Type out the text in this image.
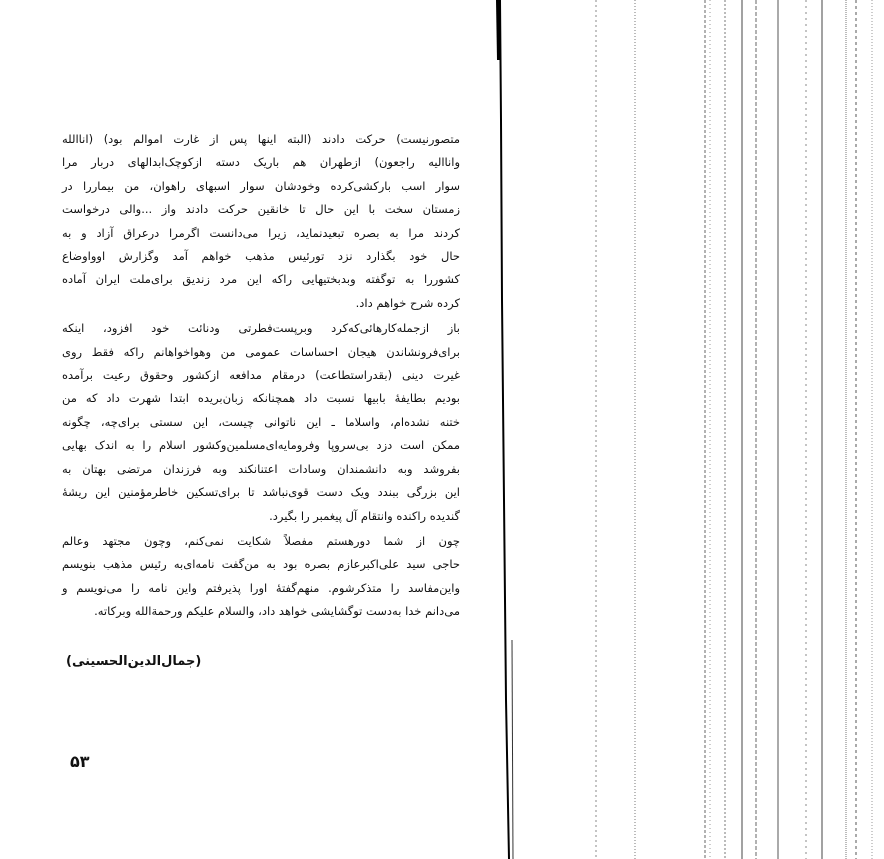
متصورنیست) حرکت دادند (البته اینها پس از غارت اموالم بود) (اناالله
وانااليه راجعون) ازطهران هم باریک دسته ازکوچک‌ابدالهای دربار مرا
سوار اسب بارکشی‌کرده وخودشان سوار اسبهای راهوان، من بیماررا در
زمستان سخت با این حال تا خانقین حرکت دادند واز ...والی درخواست
کردند مرا به بصره تبعیدنماید، زیرا می‌دانست اگرمرا درعراق آزاد و به
حال خود بگذارد نزد تورئیس مذهب خواهم آمد وگزارش اوواوضاع
کشوررا به توگفته وبدبختیهایی راکه این مرد زندیق برای‌ملت ایران آماده
کرده شرح خواهم داد.
باز ازجمله‌کارهائی‌که‌کرد وبرپست‌فطرتی ودنائت خود افزود، اینکه
برای‌فرونشاندن هیجان احساسات عمومی من وهواخواهانم راکه فقط روی
غیرت دینی (بقدراستطاعت) درمقام مدافعه ازکشور وحقوق رعیت برآمده
بودیم بطایفهٔ بابیها نسبت داد همچنانکه زبان‌بریده ابتدا شهرت داد که من
ختنه نشده‌ام، واسلاما ـ این ناتوانی چیست، این سستی برای‌چه، چگونه
ممکن است دزد بی‌سروپا وفرومایه‌ای‌مسلمین‌وکشور اسلام را به اندک بهایی
بفروشد وبه دانشمندان وسادات اعتنانکند وبه فرزندان مرتضی بهتان به
این بزرگی ببندد ویک دست قوی‌نباشد تا برای‌تسکین خاطرمؤمنین این ریشهٔ
گندیده راکنده وانتقام آل پیغمبر را بگیرد.
چون از شما دورهستم مفصلاً شکایت نمی‌کنم، وچون مجتهد وعالم
حاجی سید علی‌اکبرعازم بصره بود به من‌گفت نامه‌ای‌به رئیس مذهب بنویسم
واین‌مفاسد را متذکرشوم. منهم‌گفتهٔ اورا پذیرفتم واین نامه را می‌نویسم و
می‌دانم خدا به‌دست توگشایشی خواهد داد، والسلام علیکم ورحمةالله وبرکاته.
(جمال‌الدین‌الحسینی)
۵۳
